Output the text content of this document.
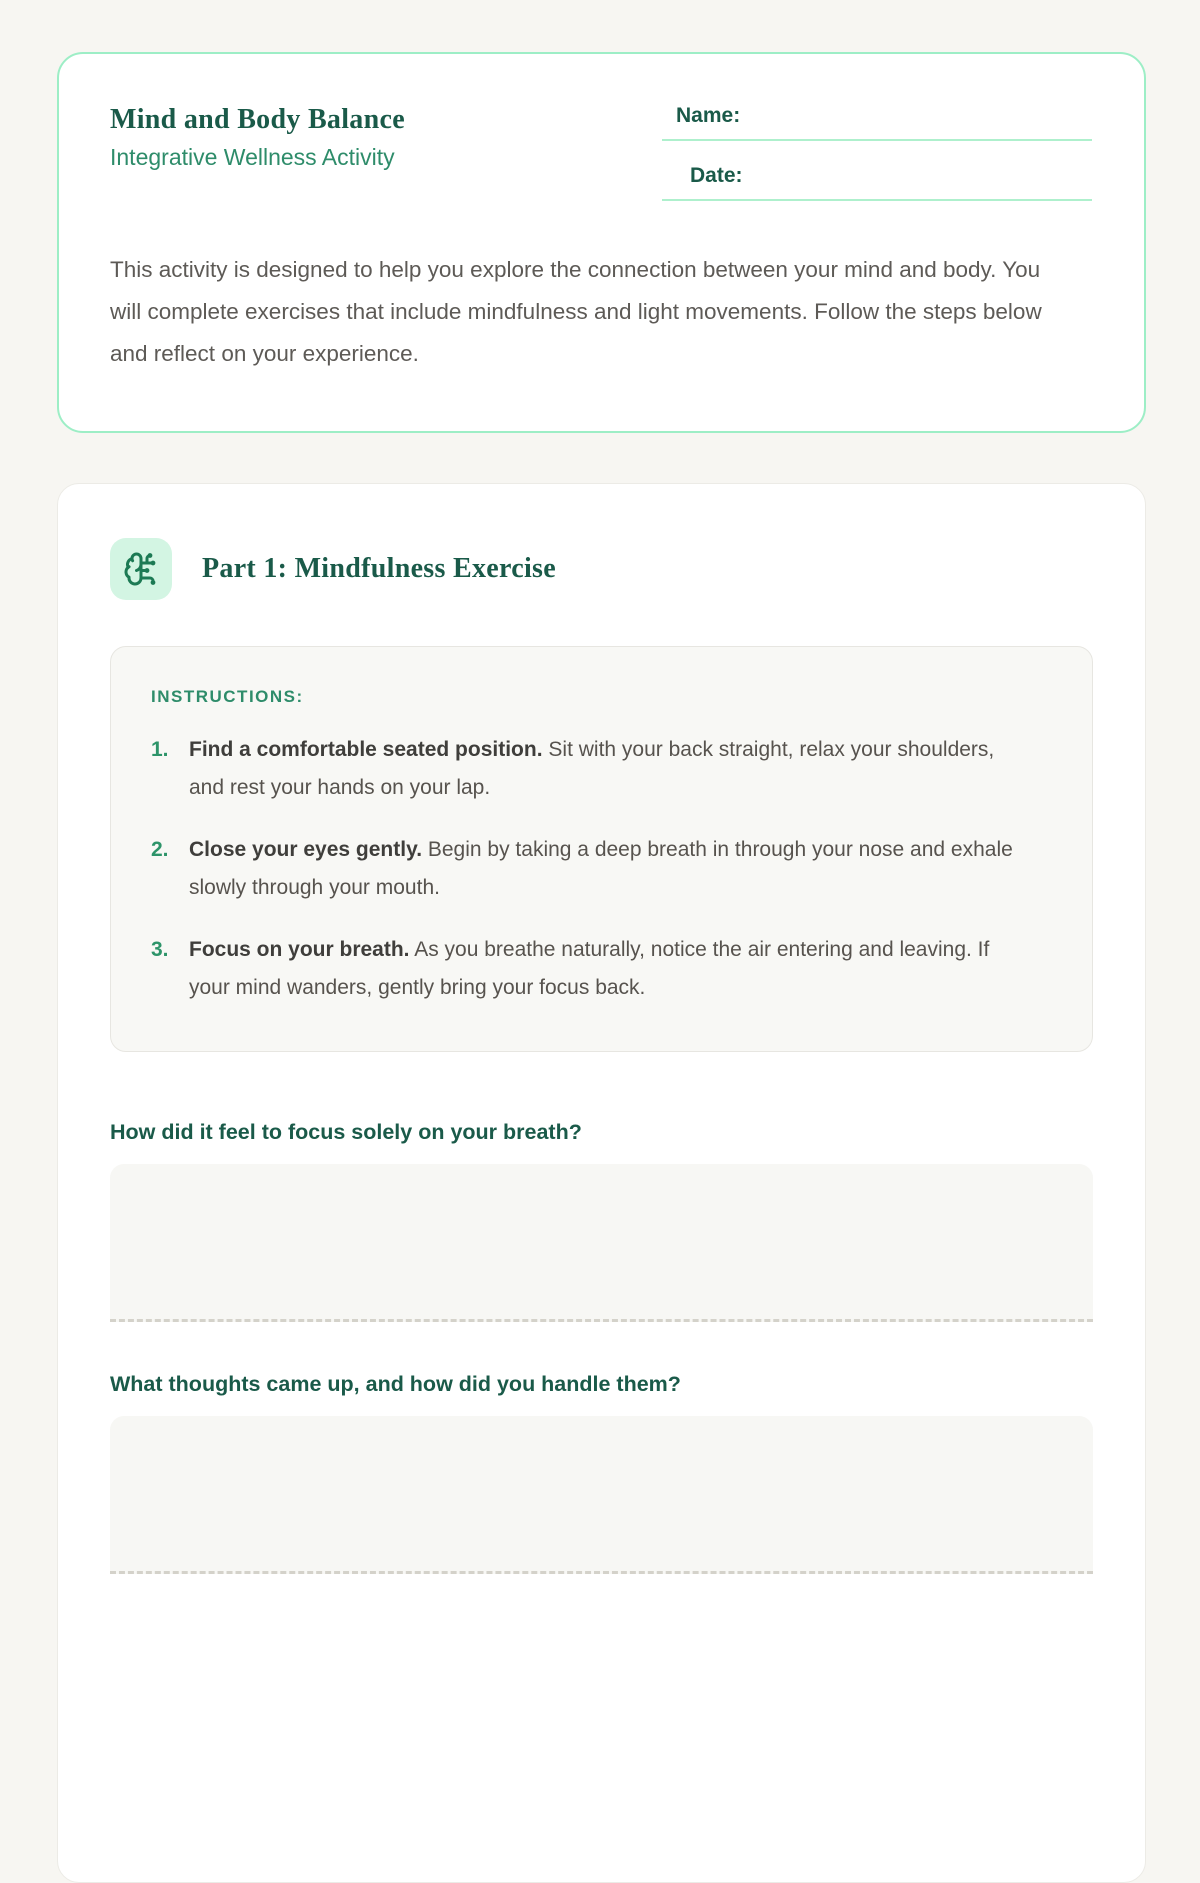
Mind and Body Balance

Integrative Wellness Activity

Name:
Date:

This activity is designed to help you explore the connection between your mind and body. You will complete exercises that include mindfulness and light movements. Follow the steps below and reflect on your experience.

Part 1: Mindfulness Exercise
INSTRUCTIONS:
1. Find a comfortable seated position. Sit with your back straight, relax your shoulders, and rest your hands on your lap.

2. Close your eyes gently. Begin by taking a deep breath in through your nose and exhale slowly through your mouth.

3. Focus on your breath. As you breathe naturally, notice the air entering and leaving. If your mind wanders, gently bring your focus back.

How did it feel to focus solely on your breath?

What thoughts came up, and how did you handle them?
